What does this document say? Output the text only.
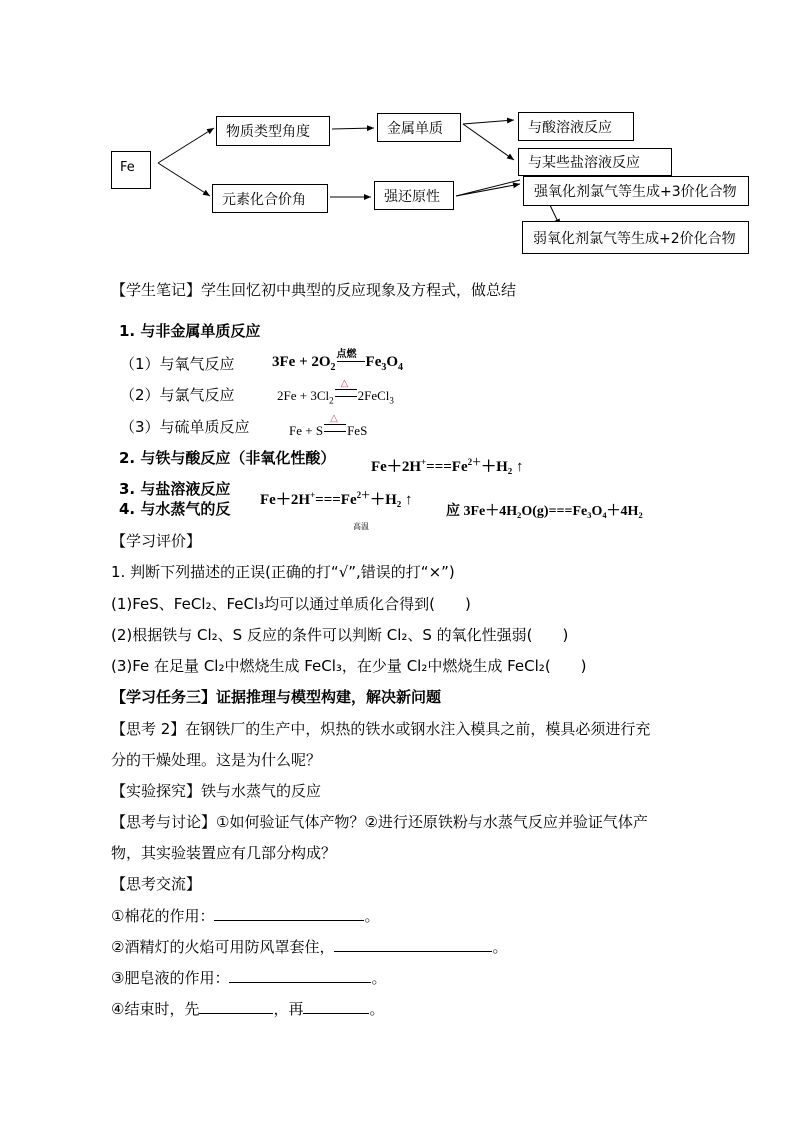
Fe
物质类型角度
元素化合价角
金属单质
强还原性
与酸溶液反应
与某些盐溶液反应
强氧化剂氯气等生成+3价化合物
弱氧化剂氯气等生成+2价化合物
【学生笔记】学生回忆初中典型的反应现象及方程式，做总结
1. 与非金属单质反应
（1）与氧气反应 $3Fe + 2O_2$
点燃 $Fe_3O_4$
（2）与氯气反应	$2Fe + 3Cl_2$
△
2FeCl$_3$
（3）与硫单质反应	Fe + S
△
FeS
2. 与铁与酸反应（非氧化性酸） $Fe+2H^+===Fe^{2+}+H_2$ ↑
3. 与盐溶液反应
$Fe+2H^+===Fe^{2+}+H_2$ ↑
4. 与水蒸气的反
高温
应 3Fe＋4H₂O(g)===Fe₃O₄＋4H₂
【学习评价】
1. 判断下列描述的正误(正确的打“√”,错误的打“×”)
(1)FeS、FeCl₂、FeCl₃均可以通过单质化合得到(　　)
(2)根据铁与 Cl₂、S 反应的条件可以判断 Cl₂、S 的氧化性强弱(　　)
(3)Fe 在足量 Cl₂中燃烧生成 FeCl₃，在少量 Cl₂中燃烧生成 FeCl₂(　　)
【学习任务三】证据推理与模型构建，解决新问题
【思考 2】在钢铁厂的生产中，炽热的铁水或钢水注入模具之前，模具必须进行充
分的干燥处理。这是为什么呢？
【实验探究】铁与水蒸气的反应
【思考与讨论】①如何验证气体产物？②进行还原铁粉与水蒸气反应并验证气体产
物，其实验装置应有几部分构成？
【思考交流】
①棉花的作用：	。
②酒精灯的火焰可用防风罩套住，	。
③肥皂液的作用：	。
④结束时，先	，再	。
